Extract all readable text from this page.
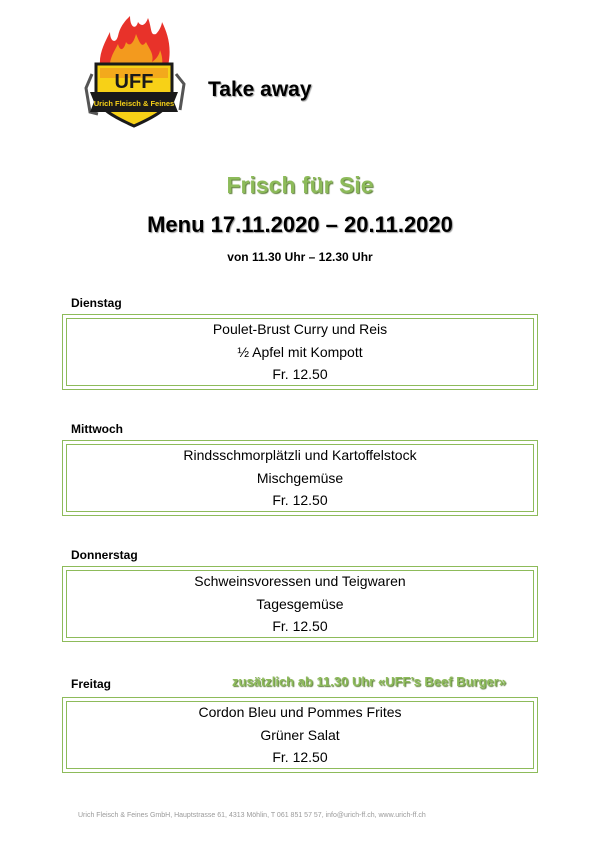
Urich Fleisch & Feines
UFF	Take away
Frisch für Sie
Menu 17.11.2020 – 20.11.2020
von 11.30 Uhr – 12.30 Uhr
Dienstag
Poulet-Brust Curry und Reis
½ Apfel mit Kompott
Fr. 12.50
Mittwoch
Rindsschmorplätzli und Kartoffelstock
Mischgemüse
Fr. 12.50
Donnerstag
Schweinsvoressen und Teigwaren
Tagesgemüse
Fr. 12.50
Freitag	zusätzlich ab 11.30 Uhr «UFF’s Beef Burger»
Cordon Bleu und Pommes Frites
Grüner Salat
Fr. 12.50
Urich Fleisch & Feines GmbH, Hauptstrasse 61, 4313 Möhlin, T 061 851 57 57, info@urich-ff.ch, www.urich-ff.ch
